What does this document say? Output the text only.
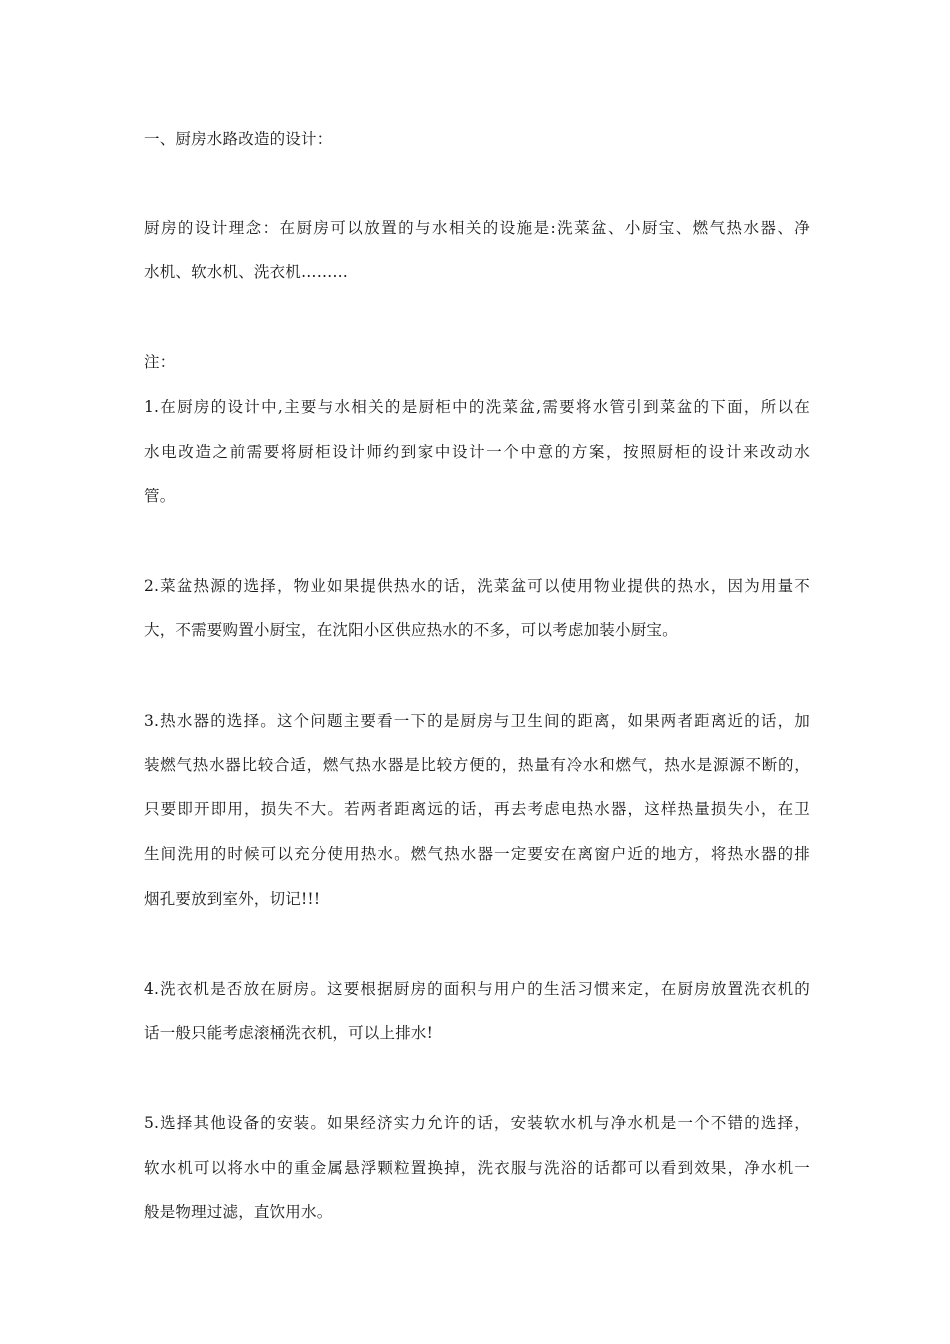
一、厨房水路改造的设计：
厨房的设计理念：在厨房可以放置的与水相关的设施是:洗菜盆、小厨宝、燃气热水器、净
水机、软水机、洗衣机………
注：
1.在厨房的设计中,主要与水相关的是厨柜中的洗菜盆,需要将水管引到菜盆的下面，所以在
水电改造之前需要将厨柜设计师约到家中设计一个中意的方案，按照厨柜的设计来改动水
管。
2.菜盆热源的选择，物业如果提供热水的话，洗菜盆可以使用物业提供的热水，因为用量不
大，不需要购置小厨宝，在沈阳小区供应热水的不多，可以考虑加装小厨宝。
3.热水器的选择。这个问题主要看一下的是厨房与卫生间的距离，如果两者距离近的话，加
装燃气热水器比较合适，燃气热水器是比较方便的，热量有冷水和燃气，热水是源源不断的，
只要即开即用，损失不大。若两者距离远的话，再去考虑电热水器，这样热量损失小，在卫
生间洗用的时候可以充分使用热水。燃气热水器一定要安在离窗户近的地方，将热水器的排
烟孔要放到室外，切记!!!
4.洗衣机是否放在厨房。这要根据厨房的面积与用户的生活习惯来定，在厨房放置洗衣机的
话一般只能考虑滚桶洗衣机，可以上排水!
5.选择其他设备的安装。如果经济实力允许的话，安装软水机与净水机是一个不错的选择，
软水机可以将水中的重金属悬浮颗粒置换掉，洗衣服与洗浴的话都可以看到效果，净水机一
般是物理过滤，直饮用水。
